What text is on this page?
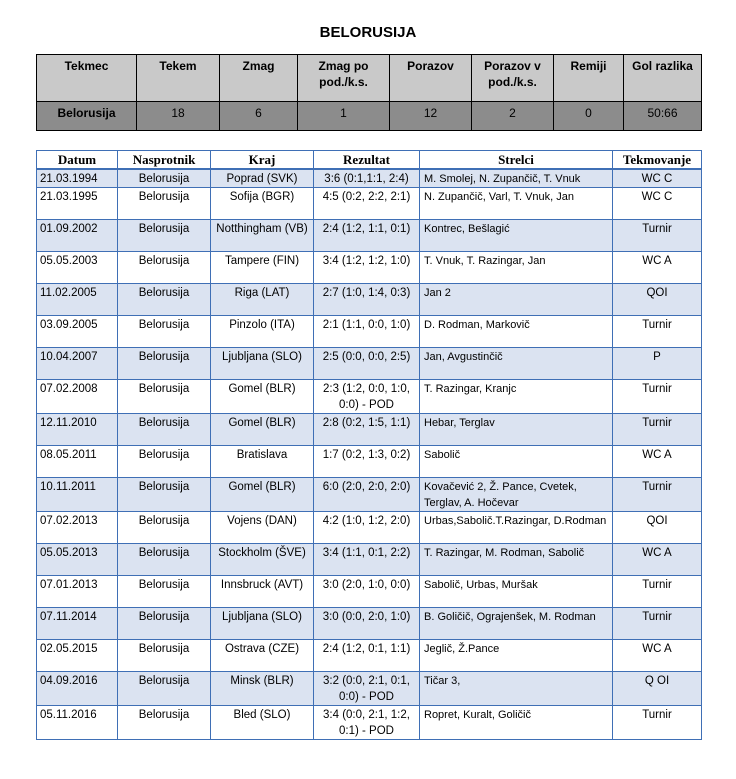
BELORUSIJA
Tekmec	Tekem	Zmag	Zmag po pod./k.s.	Porazov	Porazov v pod./k.s.	Remiji	Gol razlika
Belorusija	18	6	1	12	2	0	50:66
Datum	Nasprotnik	Kraj	Rezultat	Strelci	Tekmovanje
21.03.1994	Belorusija	Poprad (SVK)	3:6 (0:1,1:1, 2:4)	M. Smolej, N. Zupančič, T. Vnuk	WC C
21.03.1995	Belorusija	Sofija (BGR)	4:5 (0:2, 2:2, 2:1)	N. Zupančič, Varl, T. Vnuk, Jan	WC C
01.09.2002	Belorusija	Notthingham (VB)	2:4 (1:2, 1:1, 0:1)	Kontrec, Bešlagić	Turnir
05.05.2003	Belorusija	Tampere (FIN)	3:4 (1:2, 1:2, 1:0)	T. Vnuk, T. Razingar, Jan	WC A
11.02.2005	Belorusija	Riga (LAT)	2:7 (1:0, 1:4, 0:3)	Jan 2	QOI
03.09.2005	Belorusija	Pinzolo (ITA)	2:1 (1:1, 0:0, 1:0)	D. Rodman, Markovič	Turnir
10.04.2007	Belorusija	Ljubljana (SLO)	2:5 (0:0, 0:0, 2:5)	Jan, Avgustinčič	P
07.02.2008	Belorusija	Gomel (BLR)	2:3 (1:2, 0:0, 1:0, 0:0) - POD	T. Razingar, Kranjc	Turnir
12.11.2010	Belorusija	Gomel (BLR)	2:8 (0:2, 1:5, 1:1)	Hebar, Terglav	Turnir
08.05.2011	Belorusija	Bratislava	1:7 (0:2, 1:3, 0:2)	Sabolič	WC A
10.11.2011	Belorusija	Gomel (BLR)	6:0 (2:0, 2:0, 2:0)	Kovačević 2, Ž. Pance, Cvetek, Terglav, A. Hočevar	Turnir
07.02.2013	Belorusija	Vojens (DAN)	4:2 (1:0, 1:2, 2:0)	Urbas,Sabolič.T.Razingar, D.Rodman	QOI
05.05.2013	Belorusija	Stockholm (ŠVE)	3:4 (1:1, 0:1, 2:2)	T. Razingar, M. Rodman, Sabolič	WC A
07.01.2013	Belorusija	Innsbruck (AVT)	3:0 (2:0, 1:0, 0:0)	Sabolič, Urbas, Muršak	Turnir
07.11.2014	Belorusija	Ljubljana (SLO)	3:0 (0:0, 2:0, 1:0)	B. Goličič, Ograjenšek, M. Rodman	Turnir
02.05.2015	Belorusija	Ostrava (CZE)	2:4 (1:2, 0:1, 1:1)	Jeglič, Ž.Pance	WC A
04.09.2016	Belorusija	Minsk (BLR)	3:2 (0:0, 2:1, 0:1, 0:0) - POD	Tičar 3,	Q OI
05.11.2016	Belorusija	Bled (SLO)	3:4 (0:0, 2:1, 1:2, 0:1) - POD	Ropret, Kuralt, Goličič	Turnir
